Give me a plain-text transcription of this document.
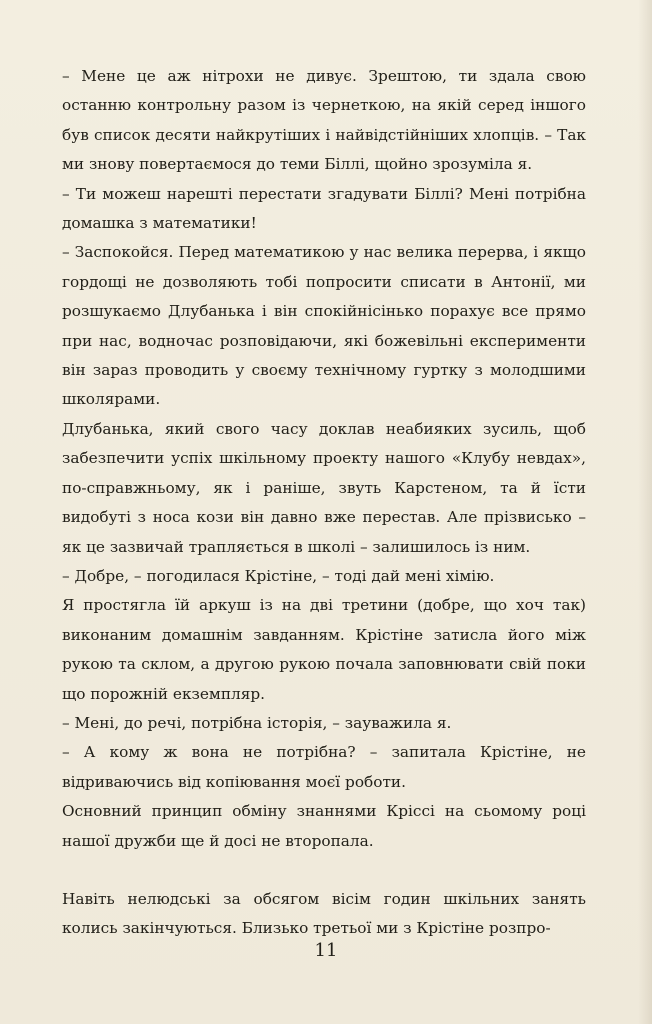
– Мене це аж нітрохи не дивує. Зрештою, ти здала свою останню контрольну разом із чернеткою, на якій серед іншого був список десяти найкрутіших і найвідстійніших хлопців. – Так ми знову повертаємося до теми Біллі, щойно зрозуміла я.

– Ти можеш нарешті перестати згадувати Біллі? Мені потрібна домашка з математики!

– Заспокойся. Перед математикою у нас велика перерва, і якщо гордощі не дозволяють тобі попросити списати в Антонії, ми розшукаємо Длубанька і він спокійнісінько порахує все прямо при нас, водночас розповідаючи, які божевільні експерименти він зараз проводить у своєму технічному гуртку з молодшими школярами.

Длубанька, який свого часу доклав неабияких зусиль, щоб забезпечити успіх шкільному проекту нашого «Клубу невдах», по-справжньому, як і раніше, звуть Карстеном, та й їсти видобуті з носа кози він давно вже перестав. Але прізвисько – як це зазвичай трапляється в школі – залишилось із ним.

– Добре, – погодилася Крістіне, – тоді дай мені хімію.

Я простягла їй аркуш із на дві третини (добре, що хоч так) виконаним домашнім завданням. Крістіне затисла його між рукою та склом, а другою рукою почала заповнювати свій поки що порожній екземпляр.

– Мені, до речі, потрібна історія, – зауважила я.

– А кому ж вона не потрібна? – запитала Крістіне, не відриваючись від копіювання моєї роботи.

Основний принцип обміну знаннями Кріссі на сьомому році нашої дружби ще й досі не второпала.

Навіть нелюдські за обсягом вісім годин шкільних занять колись закінчуються. Близько третьої ми з Крістіне розпро-

11
